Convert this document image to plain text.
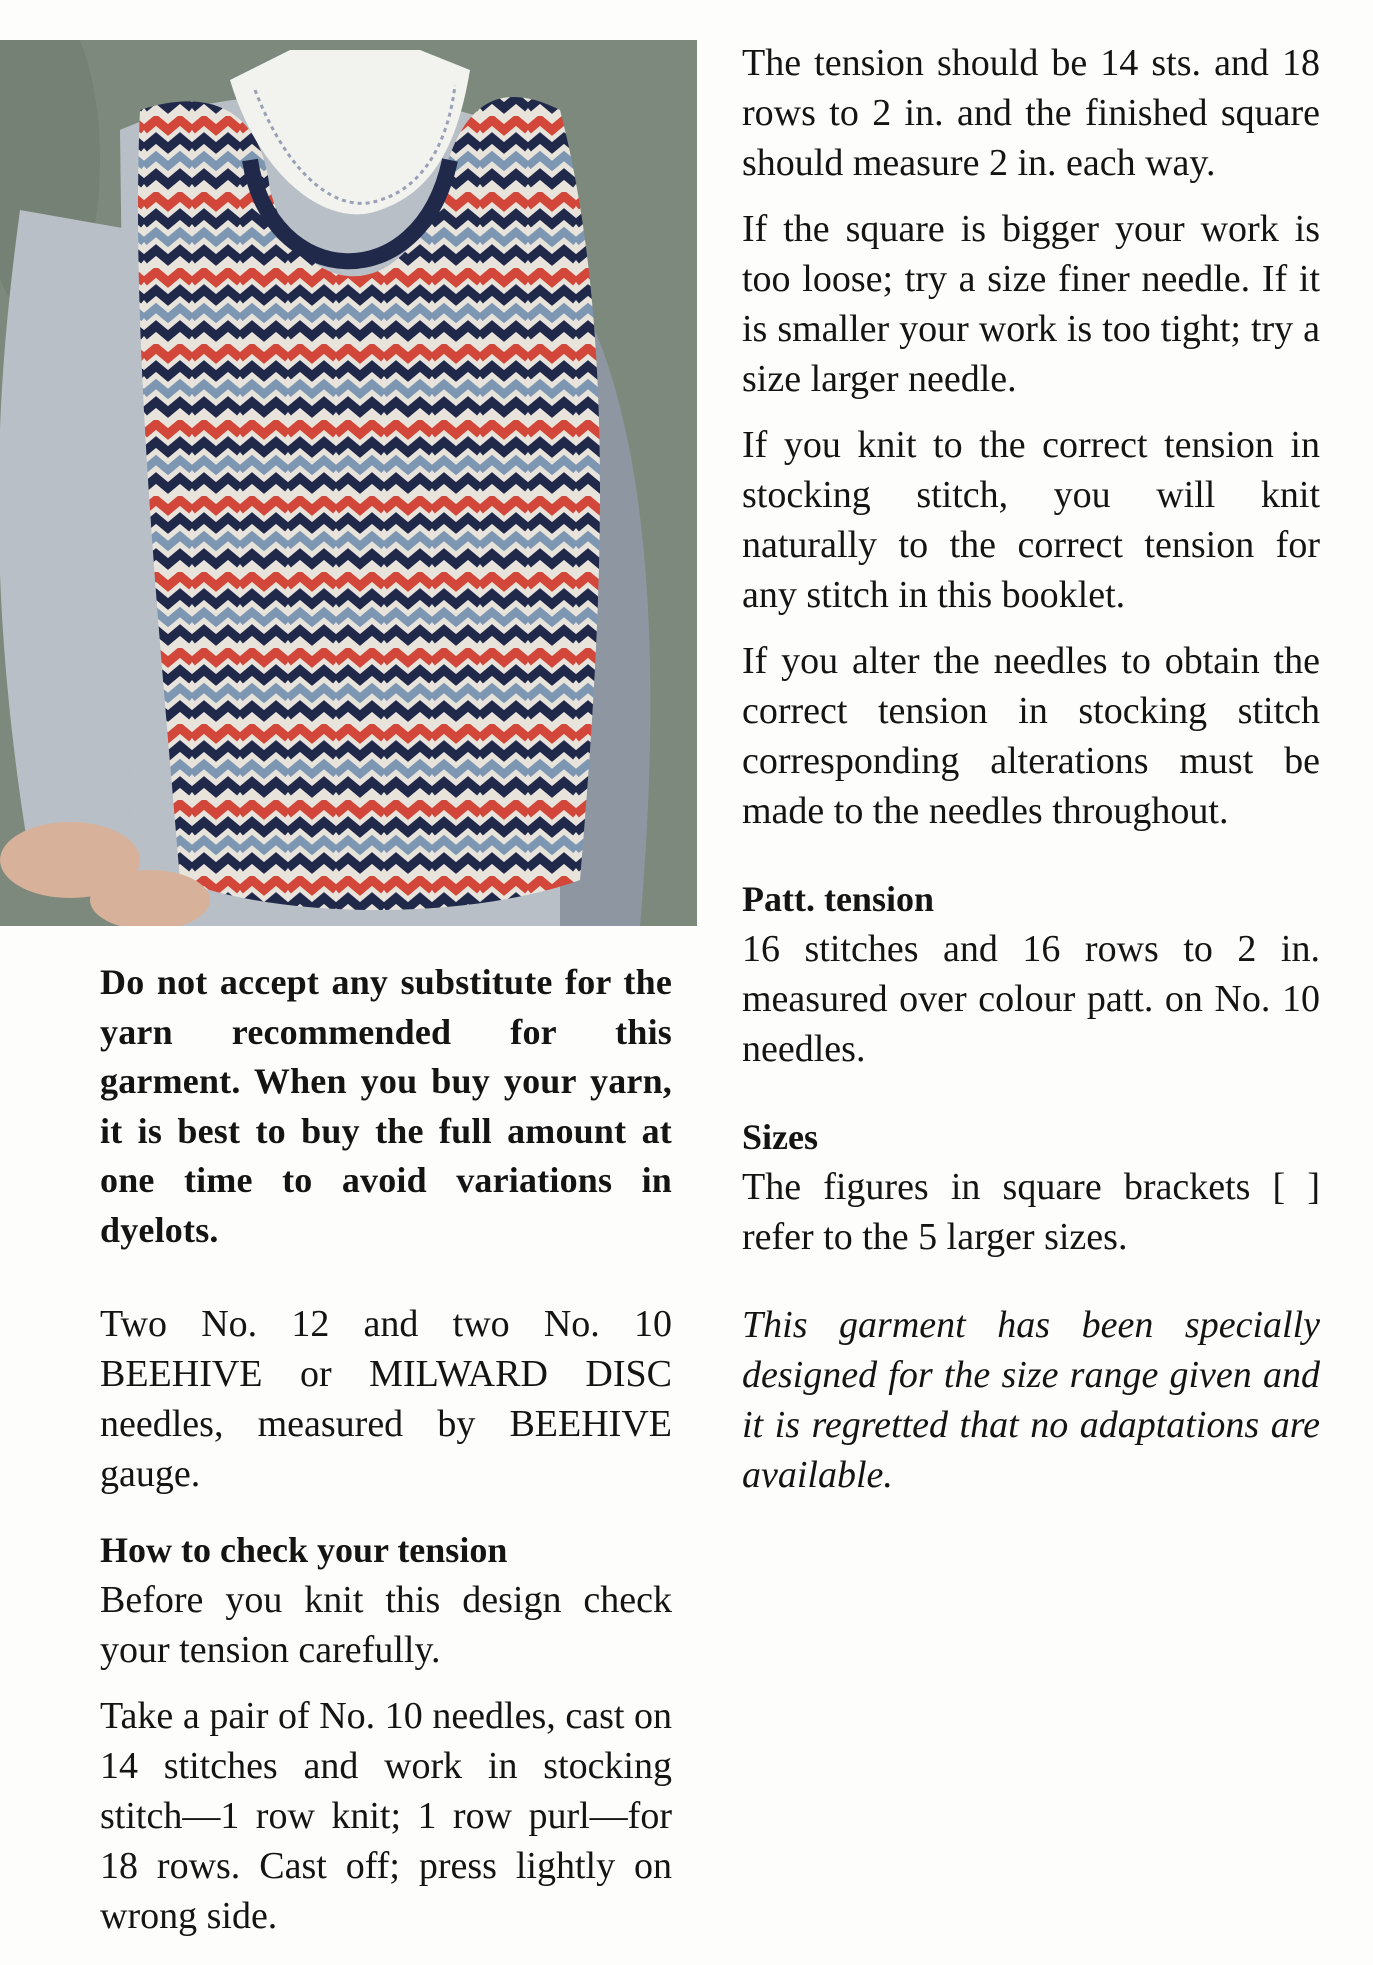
Do not accept any substitute for the yarn recommended for this garment. When you buy your yarn, it is best to buy the full amount at one time to avoid variations in dyelots.

Two No. 12 and two No. 10 BEEHIVE or MILWARD DISC needles, measured by BEEHIVE gauge.

How to check your tension
Before you knit this design check your tension carefully.

Take a pair of No. 10 needles, cast on 14 stitches and work in stocking stitch—1 row knit; 1 row purl—for 18 rows. Cast off; press lightly on wrong side.

The tension should be 14 sts. and 18 rows to 2 in. and the finished square should measure 2 in. each way.

If the square is bigger your work is too loose; try a size finer needle. If it is smaller your work is too tight; try a size larger needle.

If you knit to the correct tension in stocking stitch, you will knit naturally to the correct tension for any stitch in this booklet.

If you alter the needles to obtain the correct tension in stocking stitch corresponding alterations must be made to the needles throughout.

Patt. tension
16 stitches and 16 rows to 2 in. measured over colour patt. on No. 10 needles.

Sizes
The figures in square brackets [ ] refer to the 5 larger sizes.

This garment has been specially designed for the size range given and it is regretted that no adaptations are available.
